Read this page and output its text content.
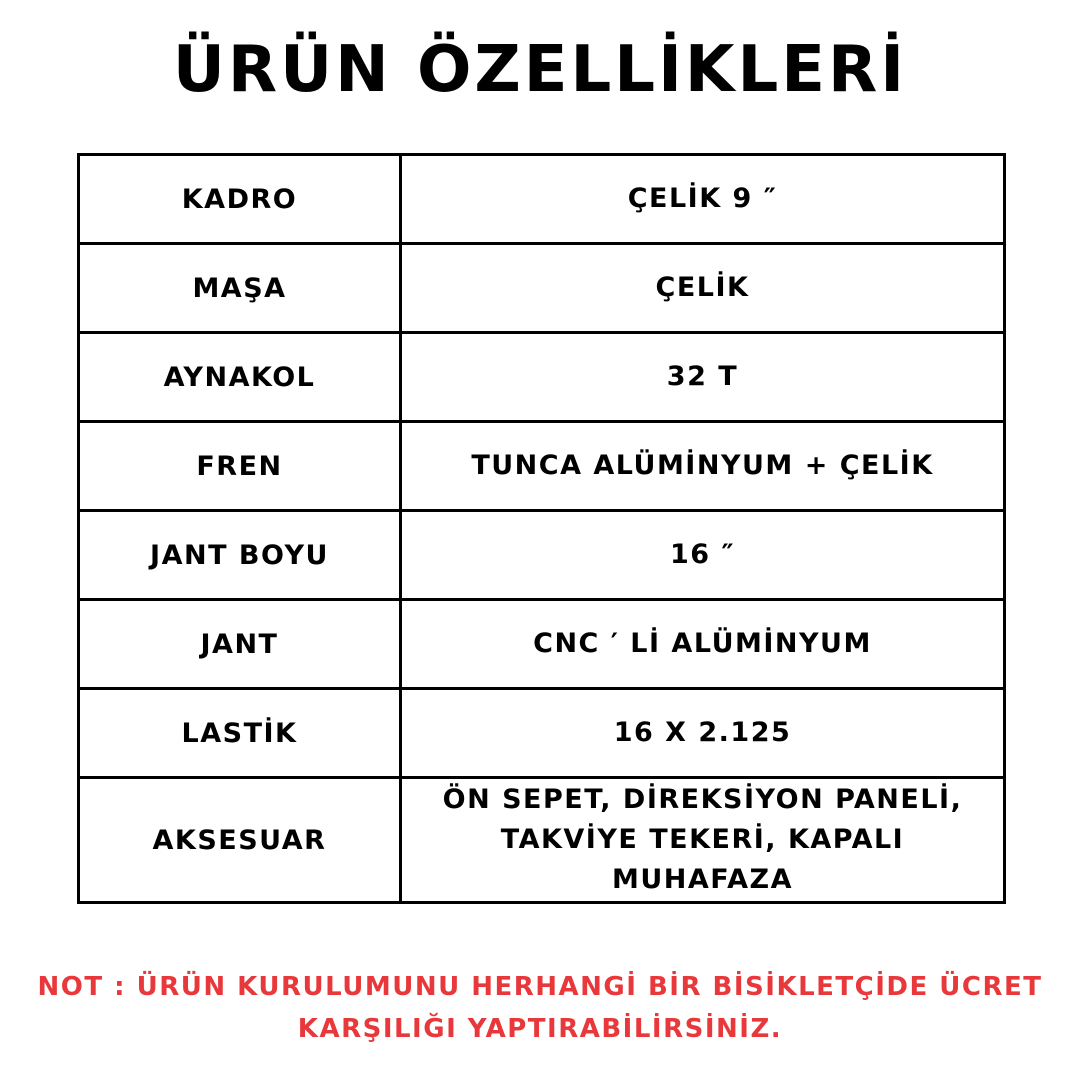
ÜRÜN ÖZELLİKLERİ
KADRO	ÇELİK 9 ″

MAŞA	ÇELİK

AYNAKOL	32 T

FREN	TUNCA ALÜMİNYUM + ÇELİK

JANT BOYU	16 ″

JANT	CNC ′ Lİ ALÜMİNYUM

LASTİK	16 X 2.125

AKSESUAR	ÖN SEPET, DİREKSİYON PANELİ,
TAKVİYE TEKERİ, KAPALI MUHAFAZA
NOT : ÜRÜN KURULUMUNU HERHANGİ BİR BİSİKLETÇİDE ÜCRET
KARŞILIĞI YAPTIRABİLİRSİNİZ.
